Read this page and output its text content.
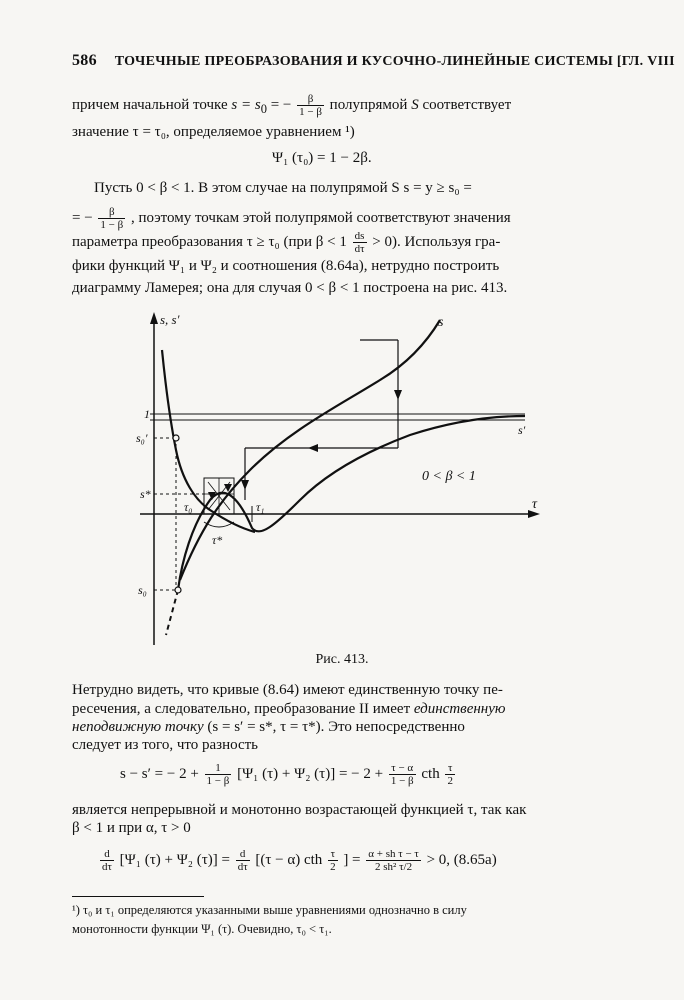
586 ТОЧЕЧНЫЕ ПРЕОБРАЗОВАНИЯ И КУСОЧНО-ЛИНЕЙНЫЕ СИСТЕМЫ [ГЛ. VIII
причем начальной точке $s = s_0$ = − $\frac{\beta}{1 - \beta}$ полупрямой S соответствует
значение τ = τ₀, определяемое уравнением ¹)
Ψ₁ (τ₀) = 1 − 2β.
Пусть 0 < β < 1. В этом случае на полупрямой S s = y ≥ s₀ =
= − $\frac{\beta}{1 - \beta}$ , поэтому точкам этой полупрямой соответствуют значения
параметра преобразования τ ≥ τ₀ (при $\beta < 1 \frac{ds}{d\tau} > 0$). Используя гра-
фики функций Ψ₁ и Ψ₂ и соотношения (8.64а), нетрудно построить
диаграмму Ламерея; она для случая 0 < β < 1 построена на рис. 413.
s, s′
τ
s
s′
1
s₀′
s*
s₀
τ₀	τ₁
τ*
0 < β < 1
Рис. 413.
Нетрудно видеть, что кривые (8.64) имеют единственную точку пе-
ресечения, а следовательно, преобразование II имеет единственную
неподвижную точку (s = s′ = s*, τ = τ*). Это непосредственно
следует из того, что разность
s − s′ = − $2 + \frac{1}{1 - \beta} [\Psi_1$ (τ) + Ψ₂ (τ)] = − $2 + \frac{\tau - \alpha}{1 - \beta}$ cth $\frac{\tau}{2}$
является непрерывной и монотонно возрастающей функцией τ, так как
β < 1 и при α, τ > 0
$\frac{d}{d\tau} [\Psi_1$ (τ) + Ψ₂ $(\tau)] = \frac{d}{d\tau} [(\tau - \alpha)$ cth $\frac{\tau}{2}$ ] = $\frac{\text{α + sh τ − τ}}{\text{2 sh² τ/2}} > 0$, (8.65а)
¹) τ₀ и τ₁ определяются указанными выше уравнениями однозначно в силу
монотонности функции Ψ₁ (τ). Очевидно, τ₀ < τ₁.
